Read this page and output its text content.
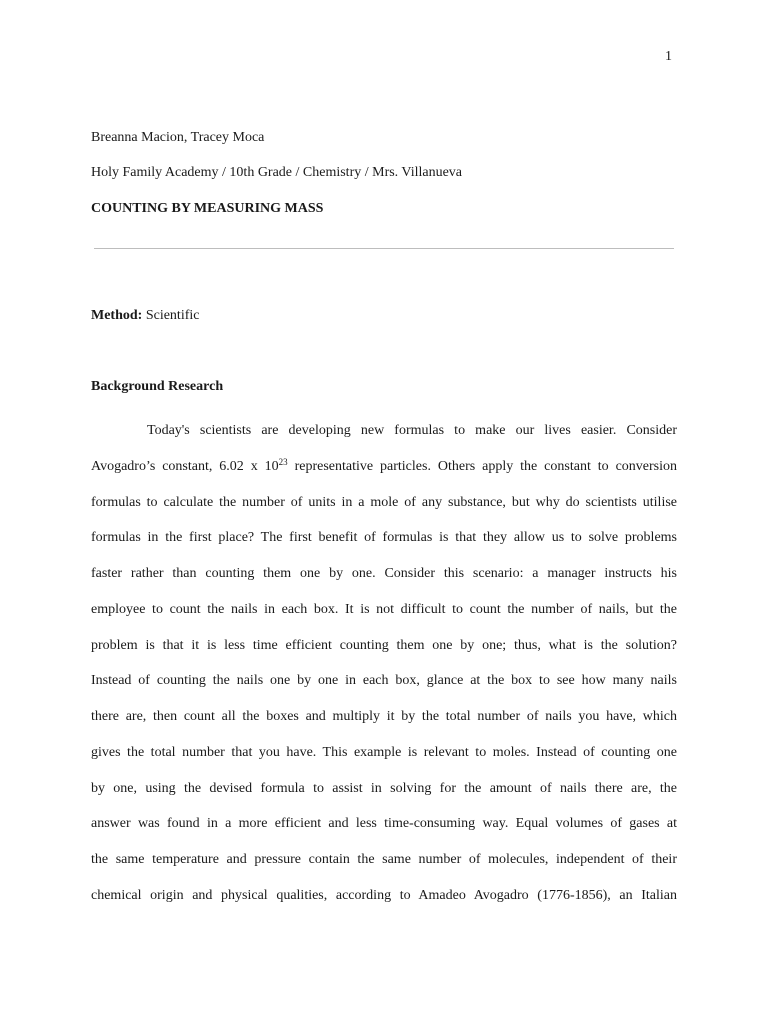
1
Breanna Macion, Tracey Moca
Holy Family Academy / 10th Grade / Chemistry / Mrs. Villanueva
COUNTING BY MEASURING MASS
Method: Scientific
Background Research
Today's scientists are developing new formulas to make our lives easier. Consider
Avogadro’s constant, 6.02 x $10^{23}$ representative particles. Others apply the constant to conversion
formulas to calculate the number of units in a mole of any substance, but why do scientists utilise
formulas in the first place? The first benefit of formulas is that they allow us to solve problems
faster rather than counting them one by one. Consider this scenario: a manager instructs his
employee to count the nails in each box. It is not difficult to count the number of nails, but the
problem is that it is less time efficient counting them one by one; thus, what is the solution?
Instead of counting the nails one by one in each box, glance at the box to see how many nails
there are, then count all the boxes and multiply it by the total number of nails you have, which
gives the total number that you have. This example is relevant to moles. Instead of counting one
by one, using the devised formula to assist in solving for the amount of nails there are, the
answer was found in a more efficient and less time-consuming way. Equal volumes of gases at
the same temperature and pressure contain the same number of molecules, independent of their
chemical origin and physical qualities, according to Amadeo Avogadro (1776-1856), an Italian
